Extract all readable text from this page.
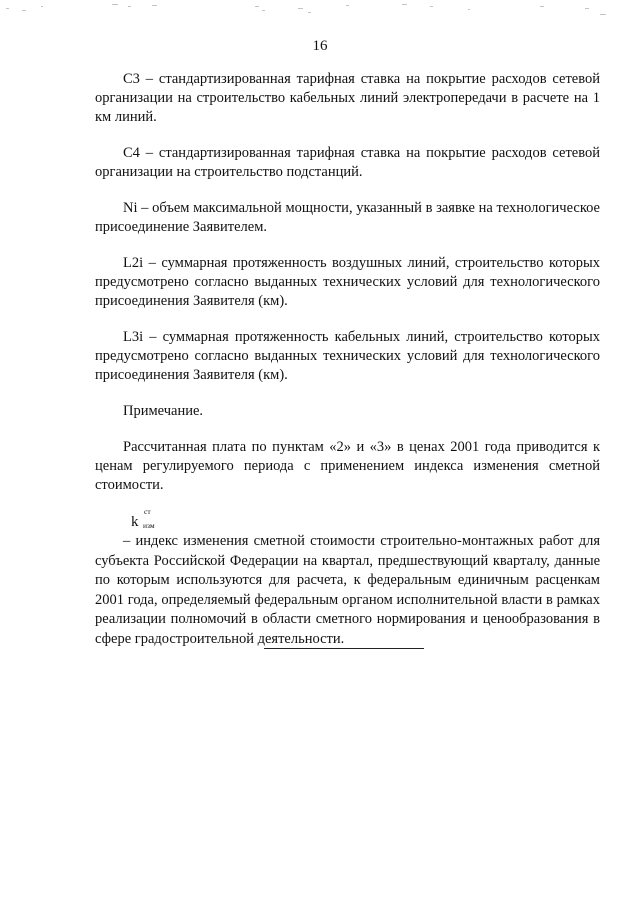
16

С3 – стандартизированная тарифная ставка на покрытие расходов сетевой организации на строительство кабельных линий электропередачи в расчете на 1 км линий.

С4 – стандартизированная тарифная ставка на покрытие расходов сетевой организации на строительство подстанций.

Ni – объем максимальной мощности, указанный в заявке на технологическое присоединение Заявителем.

L2i – суммарная протяженность воздушных линий, строительство которых предусмотрено согласно выданных технических условий для технологического присоединения Заявителя (км).

L3i – суммарная протяженность кабельных линий, строительство которых предусмотрено согласно выданных технических условий для технологического присоединения Заявителя (км).

Примечание.

Рассчитанная плата по пунктам «2» и «3» в ценах 2001 года приводится к ценам регулируемого периода с применением индекса изменения сметной стоимости.

k
ст
изм

– индекс изменения сметной стоимости строительно-монтажных работ для субъекта Российской Федерации на квартал, предшествующий кварталу, данные по которым используются для расчета, к федеральным единичным расценкам 2001 года, определяемый федеральным органом исполнительной власти в рамках реализации полномочий в области сметного нормирования и ценообразования в сфере градостроительной деятельности.
